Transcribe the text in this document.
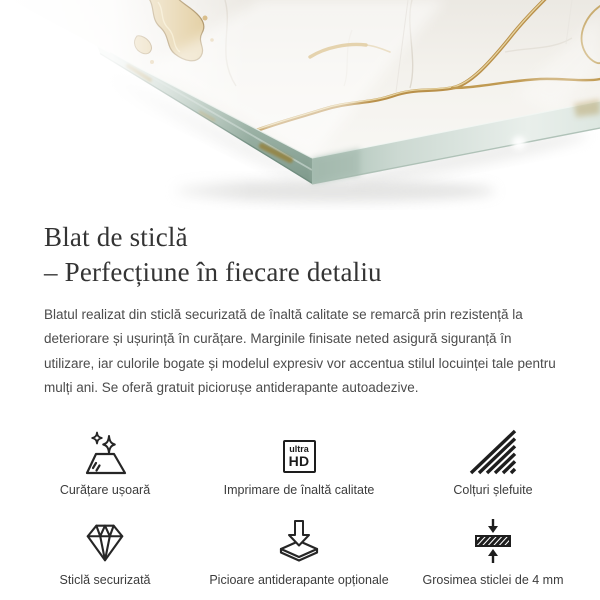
Blat de sticlă
– Perfecțiune în fiecare detaliu

Blatul realizat din sticlă securizată de înaltă calitate se remarcă prin rezistență la deteriorare și ușurință în curățare. Marginile finisate neted asigură siguranță în utilizare, iar culorile bogate și modelul expresiv vor accentua stilul locuinței tale pentru mulți ani. Se oferă gratuit piciorușe antiderapante autoadezive.

Curățare ușoară
ultra
HD
Imprimare de înaltă calitate	Colțuri șlefuite
Sticlă securizată	Picioare antiderapante opționale	Grosimea sticlei de 4 mm
